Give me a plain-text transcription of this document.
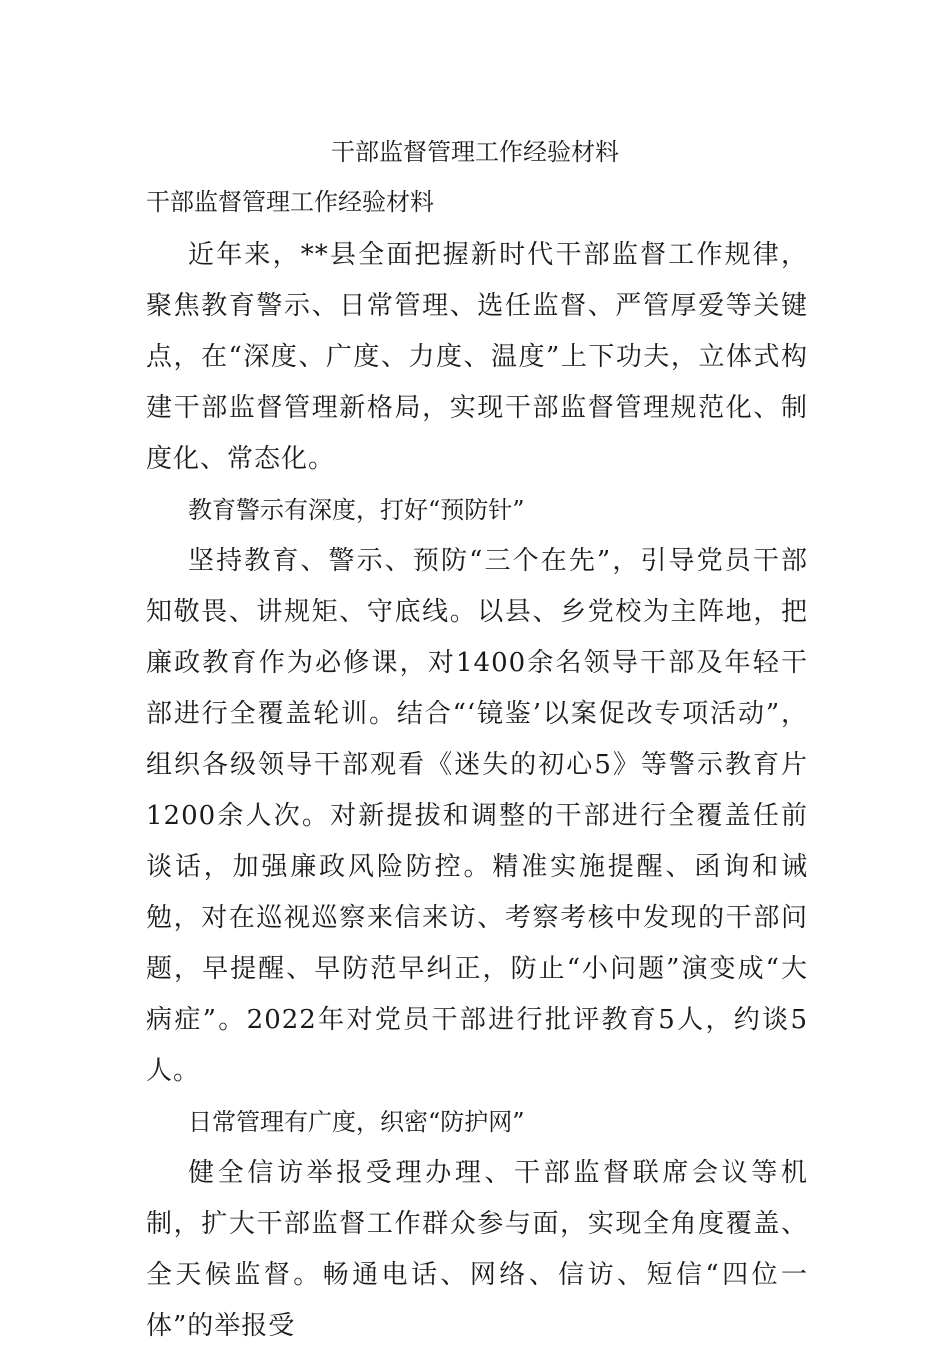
干部监督管理工作经验材料

干部监督管理工作经验材料

近年来，**县全面把握新时代干部监督工作规律，聚焦教育警示、日常管理、选任监督、严管厚爱等关键点，在“深度、广度、力度、温度”上下功夫，立体式构建干部监督管理新格局，实现干部监督管理规范化、制度化、常态化。

教育警示有深度，打好“预防针”

坚持教育、警示、预防“三个在先”，引导党员干部知敬畏、讲规矩、守底线。以县、乡党校为主阵地，把廉政教育作为必修课，对1400余名领导干部及年轻干部进行全覆盖轮训。结合“‘镜鉴’以案促改专项活动”，组织各级领导干部观看《迷失的初心5》等警示教育片1200余人次。对新提拔和调整的干部进行全覆盖任前谈话，加强廉政风险防控。精准实施提醒、函询和诫勉，对在巡视巡察来信来访、考察考核中发现的干部问题，早提醒、早防范早纠正，防止“小问题”演变成“大病症”。2022年对党员干部进行批评教育5人，约谈5人。

日常管理有广度，织密“防护网”

健全信访举报受理办理、干部监督联席会议等机制，扩大干部监督工作群众参与面，实现全角度覆盖、全天候监督。畅通电话、网络、信访、短信“四位一体”的举报受
